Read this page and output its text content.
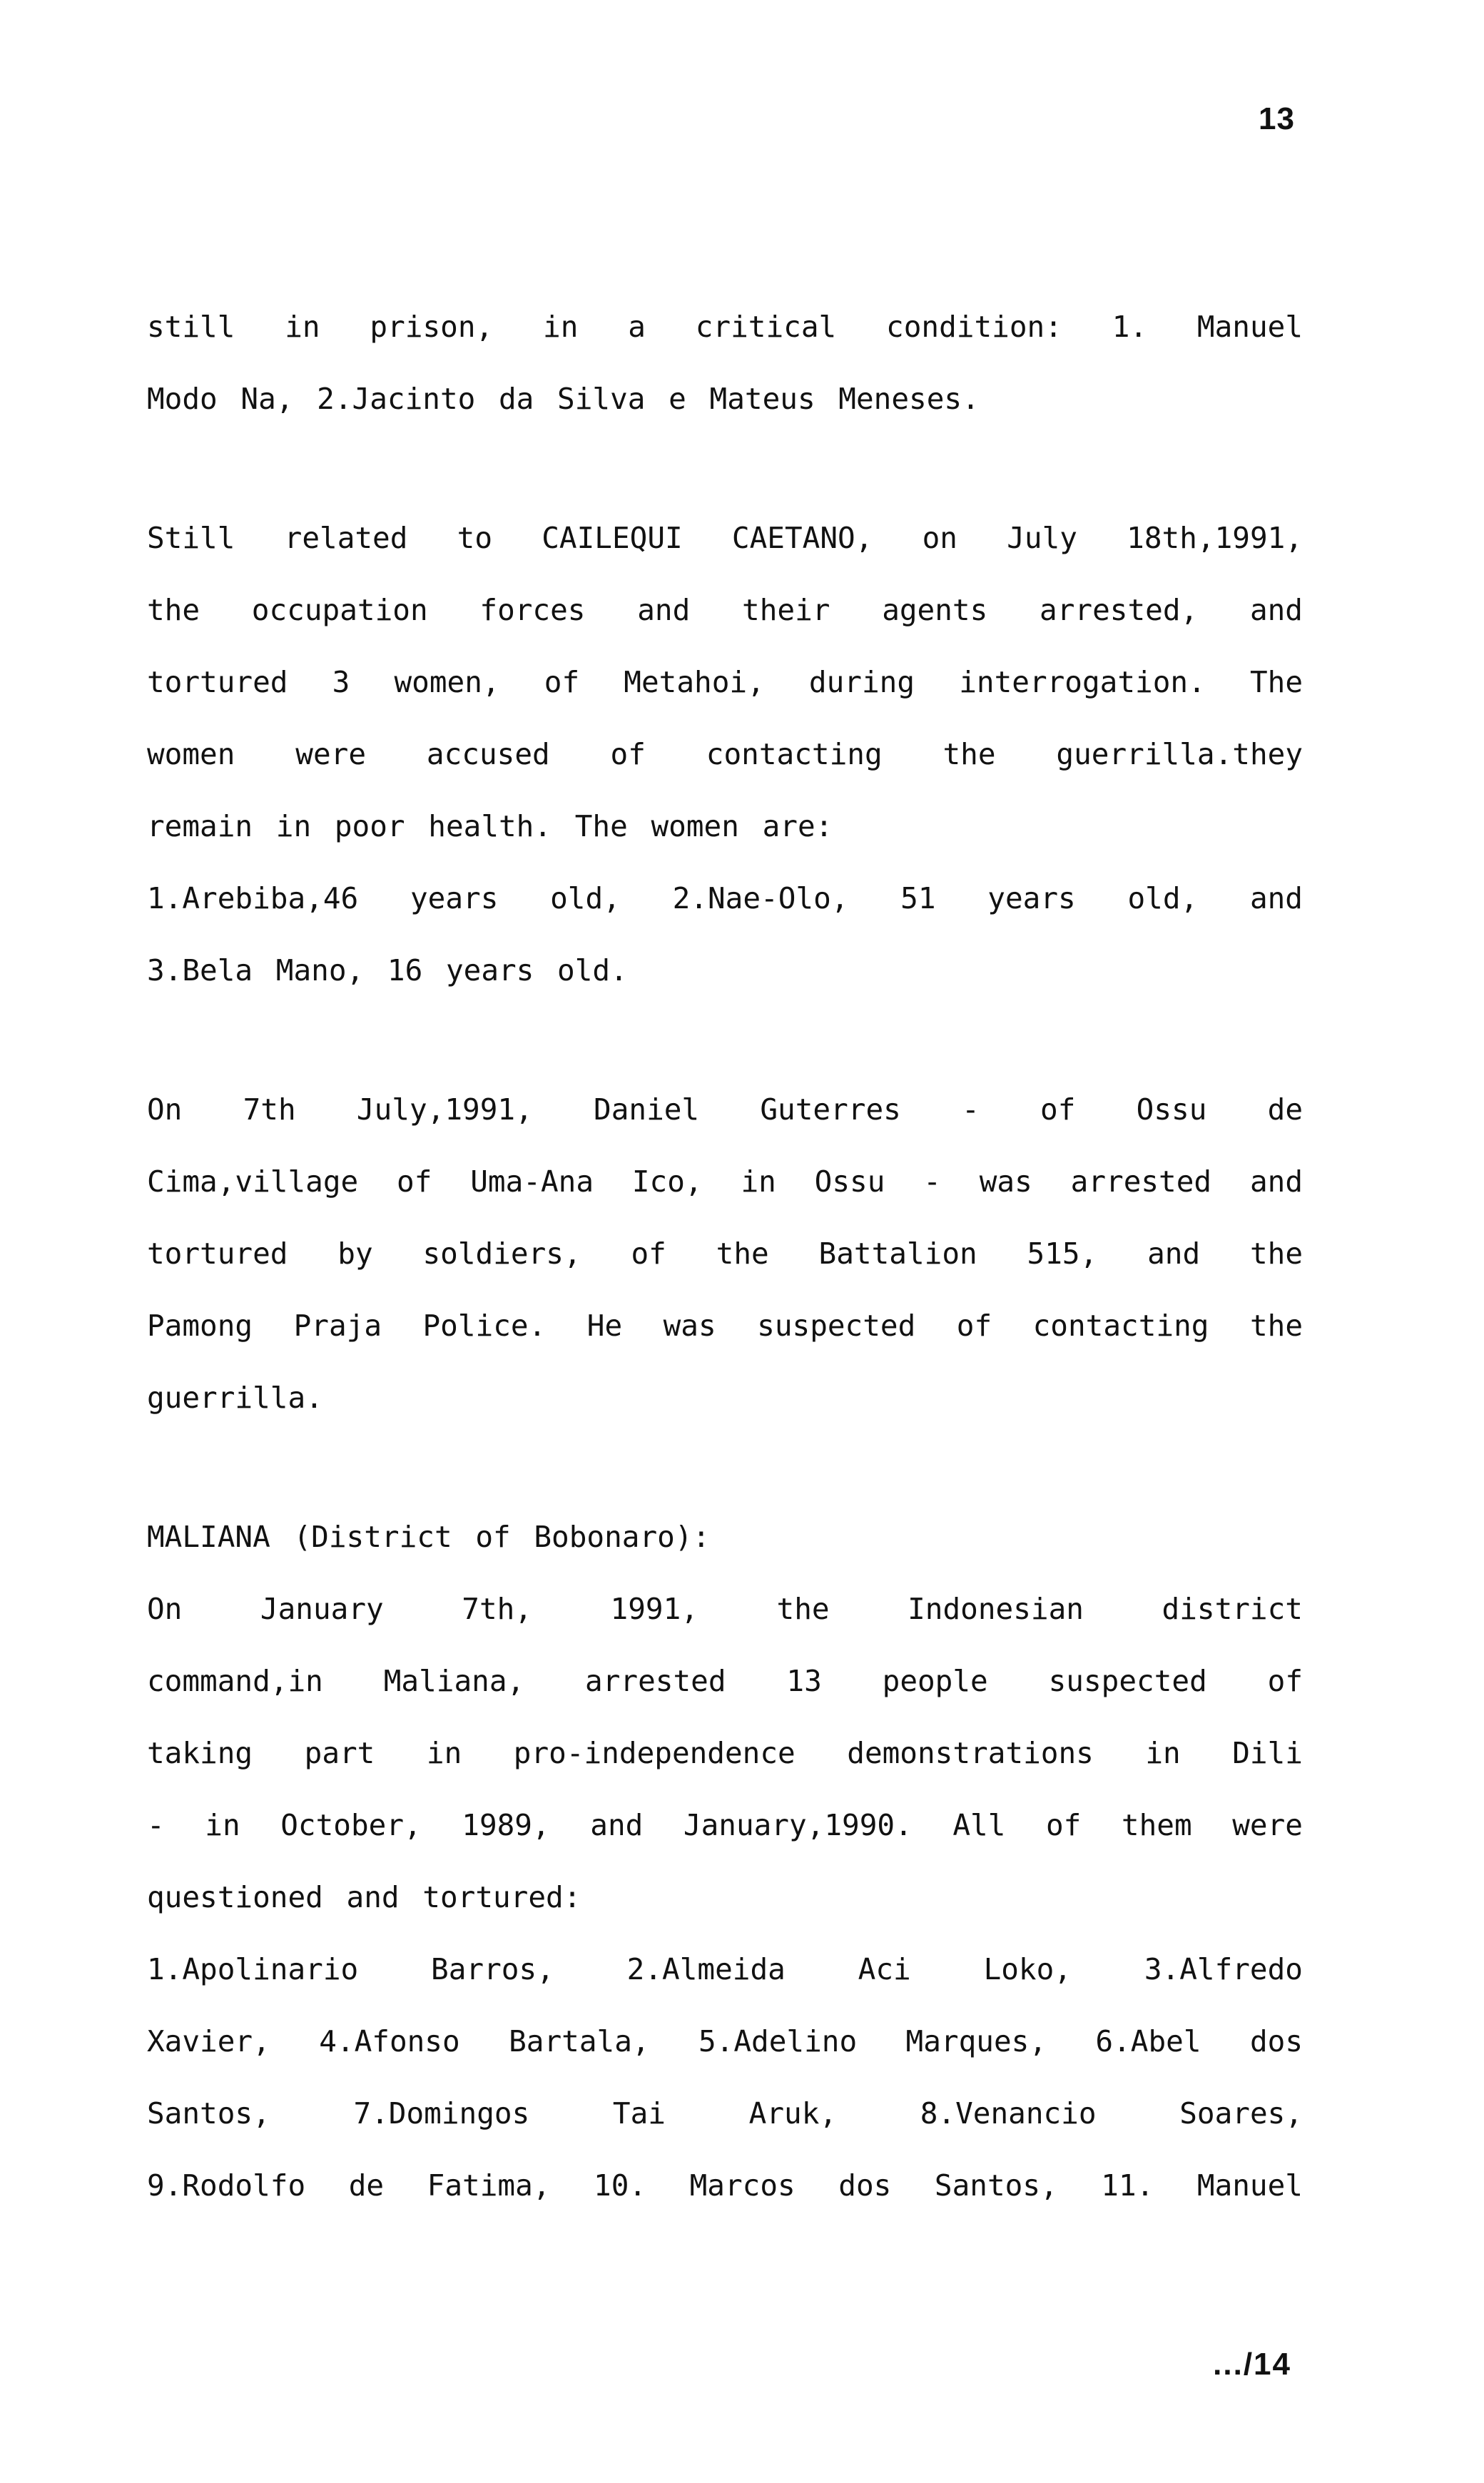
13
still in prison, in a critical condition: 1. Manuel
Modo Na, 2.Jacinto da Silva e Mateus Meneses.
Still related to CAILEQUI CAETANO, on July 18th,1991,
the occupation forces and their agents arrested, and
tortured 3 women, of Metahoi, during interrogation. The
women were accused of contacting the guerrilla.they
remain in poor health. The women are:
1.Arebiba,46 years old, 2.Nae-Olo, 51 years old, and
3.Bela Mano, 16 years old.
On 7th July,1991, Daniel Guterres - of Ossu de
Cima,village of Uma-Ana Ico, in Ossu - was arrested and
tortured by soldiers, of the Battalion 515, and the
Pamong Praja Police. He was suspected of contacting the
guerrilla.
MALIANA (District of Bobonaro):
On January 7th, 1991, the Indonesian district
command,in Maliana, arrested 13 people suspected of
taking part in pro-independence demonstrations in Dili
- in October, 1989, and January,1990. All of them were
questioned and tortured:
1.Apolinario Barros, 2.Almeida Aci Loko, 3.Alfredo
Xavier, 4.Afonso Bartala, 5.Adelino Marques, 6.Abel dos
Santos, 7.Domingos Tai Aruk, 8.Venancio Soares,
9.Rodolfo de Fatima, 10. Marcos dos Santos, 11. Manuel
.../14
